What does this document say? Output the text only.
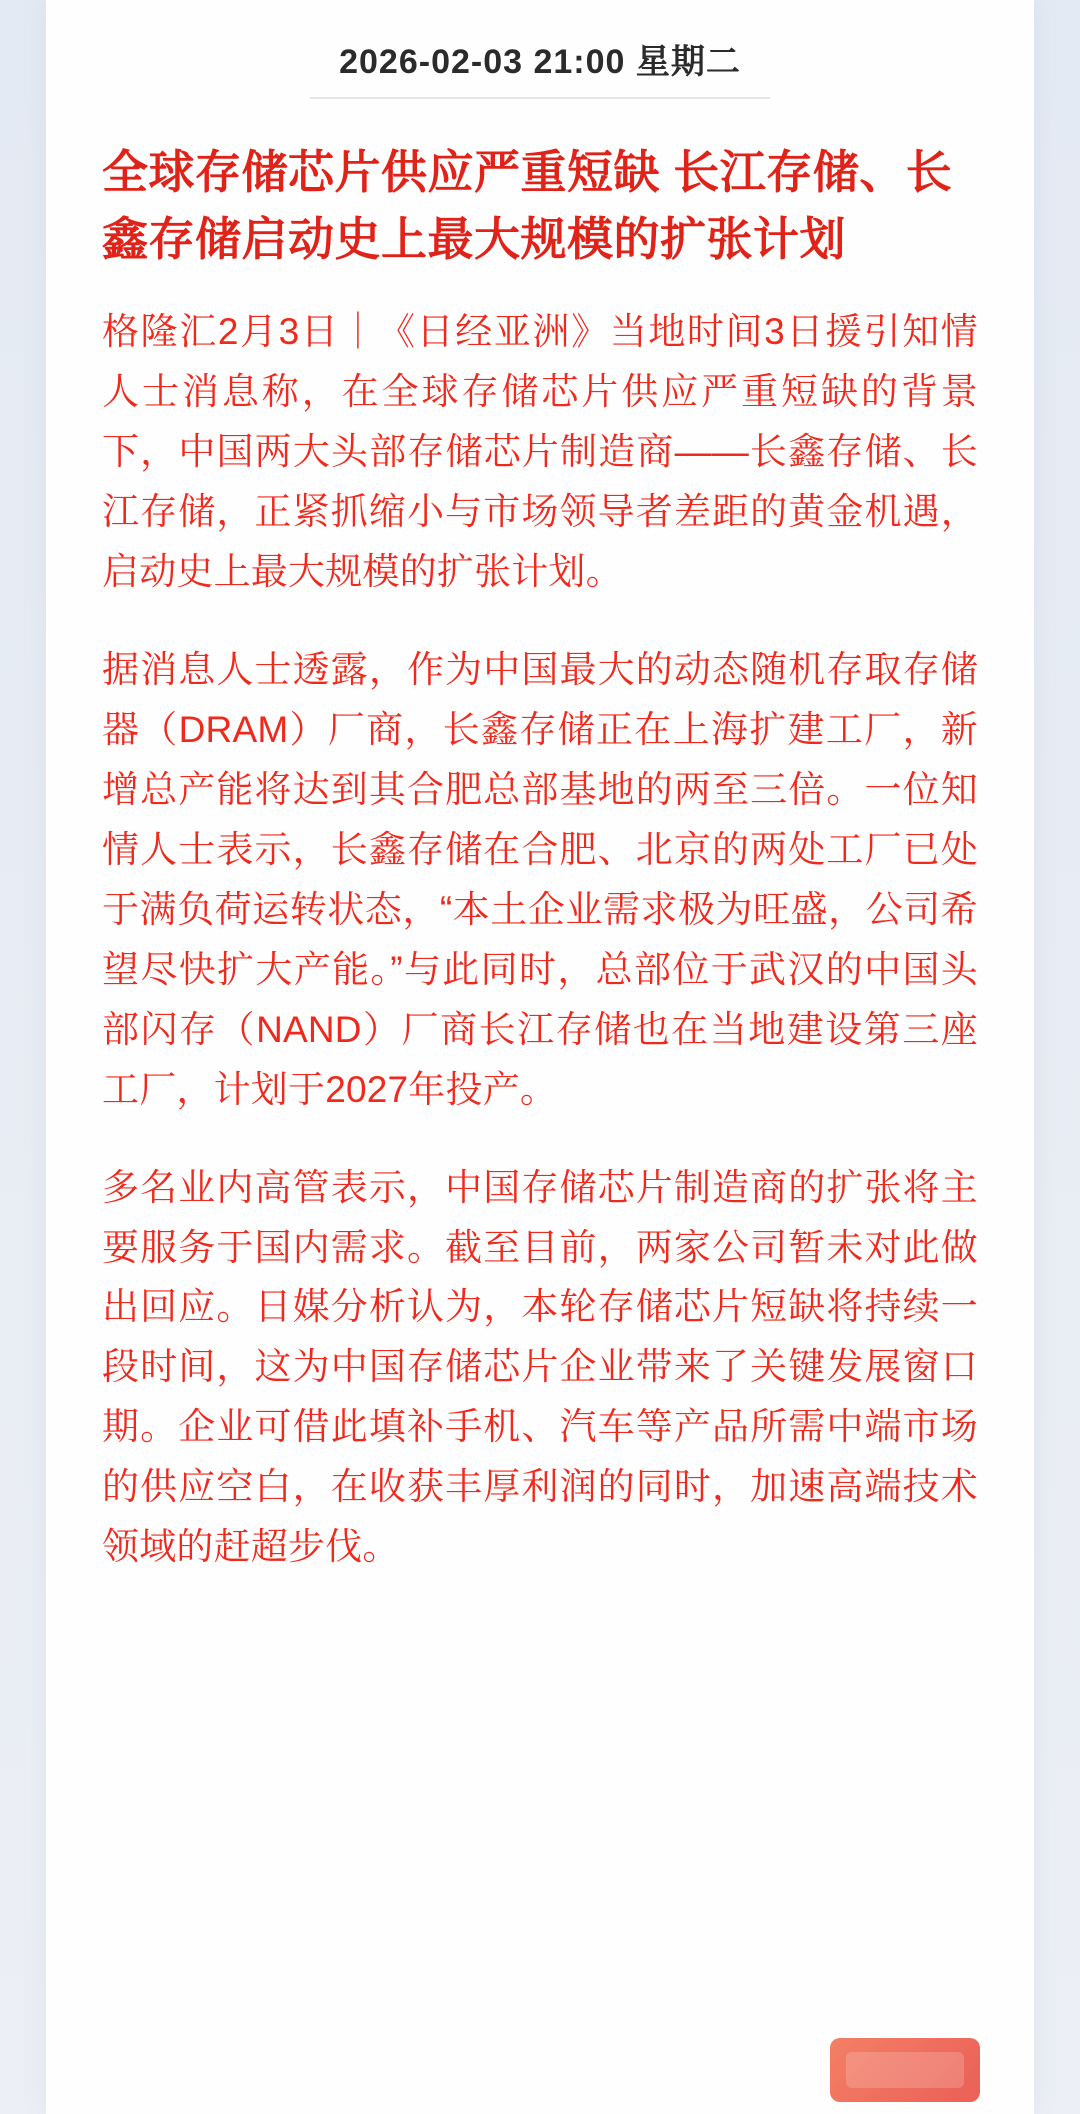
2026-02-03 21:00 星期二
全球存储芯片供应严重短缺 长江存储、长鑫存储启动史上最大规模的扩张计划

格隆汇2月3日｜《日经亚洲》当地时间3日援引知情人士消息称，在全球存储芯片供应严重短缺的背景下，中国两大头部存储芯片制造商——长鑫存储、长江存储，正紧抓缩小与市场领导者差距的黄金机遇，启动史上最大规模的扩张计划。

据消息人士透露，作为中国最大的动态随机存取存储器（DRAM）厂商，长鑫存储正在上海扩建工厂，新增总产能将达到其合肥总部基地的两至三倍。一位知情人士表示，长鑫存储在合肥、北京的两处工厂已处于满负荷运转状态，“本土企业需求极为旺盛，公司希望尽快扩大产能。”与此同时，总部位于武汉的中国头部闪存（NAND）厂商长江存储也在当地建设第三座工厂，计划于2027年投产。

多名业内高管表示，中国存储芯片制造商的扩张将主要服务于国内需求。截至目前，两家公司暂未对此做出回应。日媒分析认为，本轮存储芯片短缺将持续一段时间，这为中国存储芯片企业带来了关键发展窗口期。企业可借此填补手机、汽车等产品所需中端市场的供应空白，在收获丰厚利润的同时，加速高端技术领域的赶超步伐。
